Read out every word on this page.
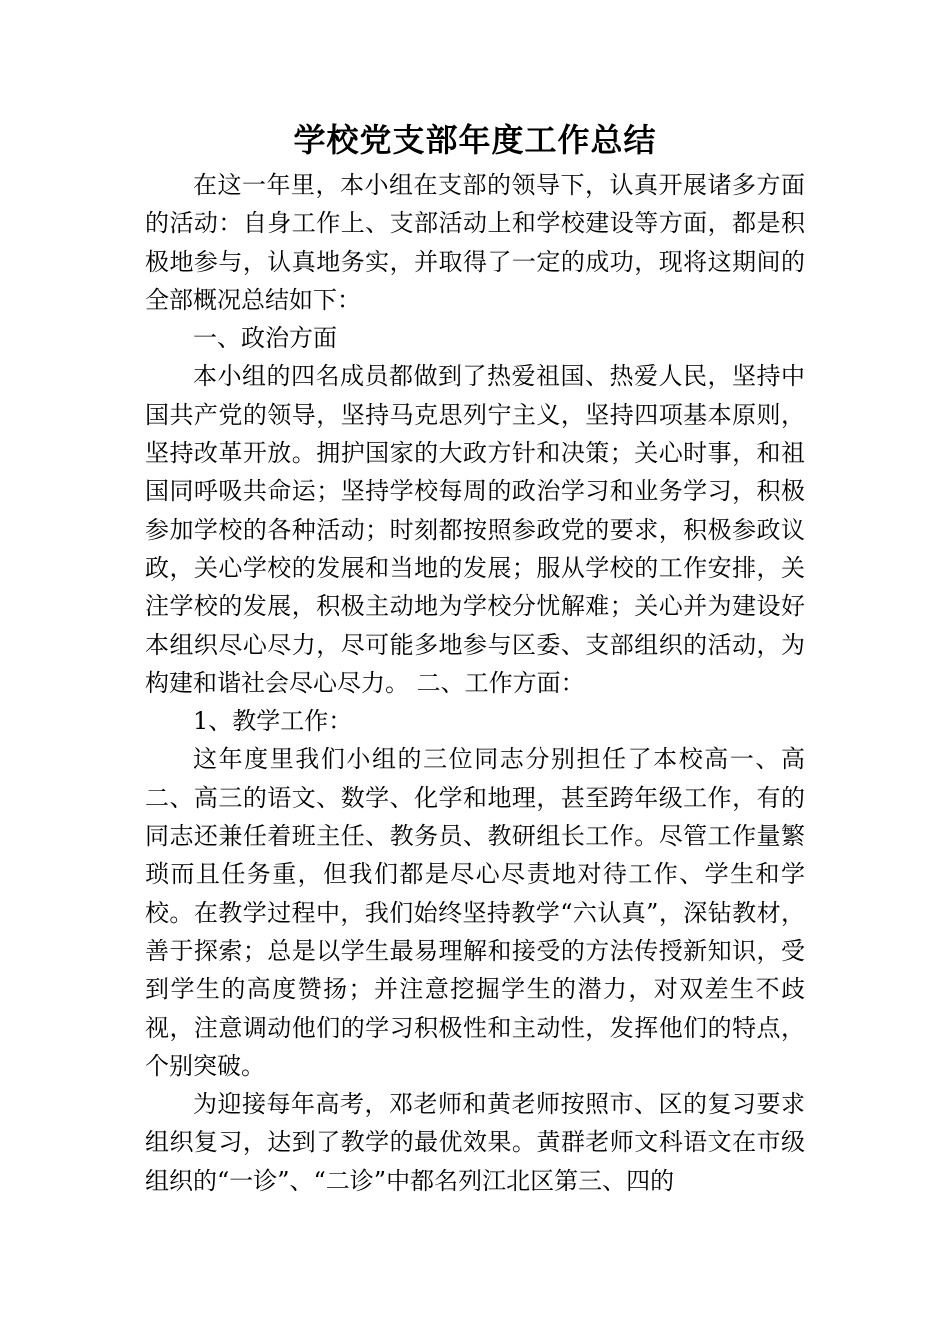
学校党支部年度工作总结

在这一年里，本小组在支部的领导下，认真开展诸多方面的活动：自身工作上、支部活动上和学校建设等方面，都是积极地参与，认真地务实，并取得了一定的成功，现将这期间的全部概况总结如下：

一、政治方面

本小组的四名成员都做到了热爱祖国、热爱人民，坚持中国共产党的领导，坚持马克思列宁主义，坚持四项基本原则，坚持改革开放。拥护国家的大政方针和决策；关心时事，和祖国同呼吸共命运；坚持学校每周的政治学习和业务学习，积极参加学校的各种活动；时刻都按照参政党的要求，积极参政议政，关心学校的发展和当地的发展；服从学校的工作安排，关注学校的发展，积极主动地为学校分忧解难；关心并为建设好本组织尽心尽力，尽可能多地参与区委、支部组织的活动，为构建和谐社会尽心尽力。 二、工作方面：

1、教学工作：

这年度里我们小组的三位同志分别担任了本校高一、高二、高三的语文、数学、化学和地理，甚至跨年级工作，有的同志还兼任着班主任、教务员、教研组长工作。尽管工作量繁琐而且任务重，但我们都是尽心尽责地对待工作、学生和学校。在教学过程中，我们始终坚持教学“六认真”，深钻教材，善于探索；总是以学生最易理解和接受的方法传授新知识，受到学生的高度赞扬；并注意挖掘学生的潜力，对双差生不歧视，注意调动他们的学习积极性和主动性，发挥他们的特点，个别突破。

为迎接每年高考，邓老师和黄老师按照市、区的复习要求组织复习，达到了教学的最优效果。黄群老师文科语文在市级组织的“一诊”、“二诊”中都名列江北区第三、四的
